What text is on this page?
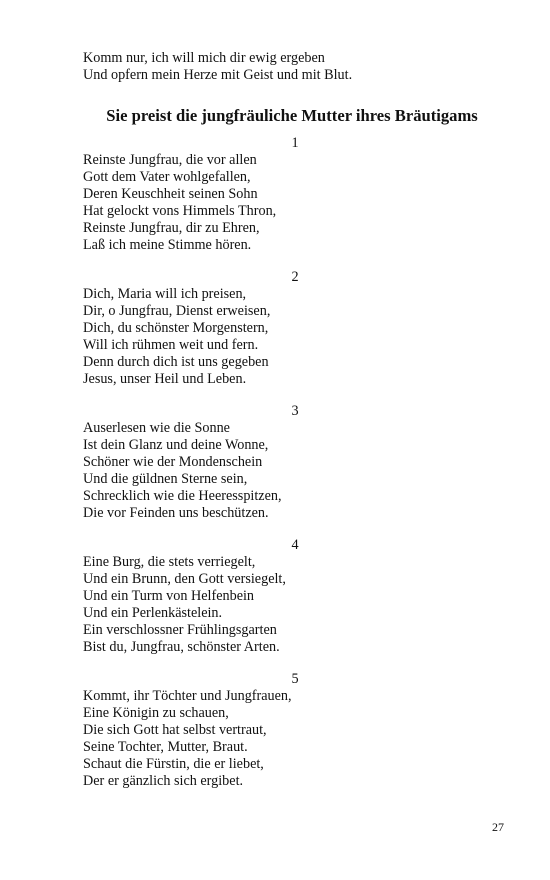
Komm nur, ich will mich dir ewig ergeben
Und opfern mein Herze mit Geist und mit Blut.
Sie preist die jungfräuliche Mutter ihres Bräutigams
1
Reinste Jungfrau, die vor allen
Gott dem Vater wohlgefallen,
Deren Keuschheit seinen Sohn
Hat gelockt vons Himmels Thron,
Reinste Jungfrau, dir zu Ehren,
Laß ich meine Stimme hören.
2
Dich, Maria will ich preisen,
Dir, o Jungfrau, Dienst erweisen,
Dich, du schönster Morgenstern,
Will ich rühmen weit und fern.
Denn durch dich ist uns gegeben
Jesus, unser Heil und Leben.
3
Auserlesen wie die Sonne
Ist dein Glanz und deine Wonne,
Schöner wie der Mondenschein
Und die güldnen Sterne sein,
Schrecklich wie die Heeresspitzen,
Die vor Feinden uns beschützen.
4
Eine Burg, die stets verriegelt,
Und ein Brunn, den Gott versiegelt,
Und ein Turm von Helfenbein
Und ein Perlenkästelein.
Ein verschlossner Frühlingsgarten
Bist du, Jungfrau, schönster Arten.
5
Kommt, ihr Töchter und Jungfrauen,
Eine Königin zu schauen,
Die sich Gott hat selbst vertraut,
Seine Tochter, Mutter, Braut.
Schaut die Fürstin, die er liebet,
Der er gänzlich sich ergibet.
27
